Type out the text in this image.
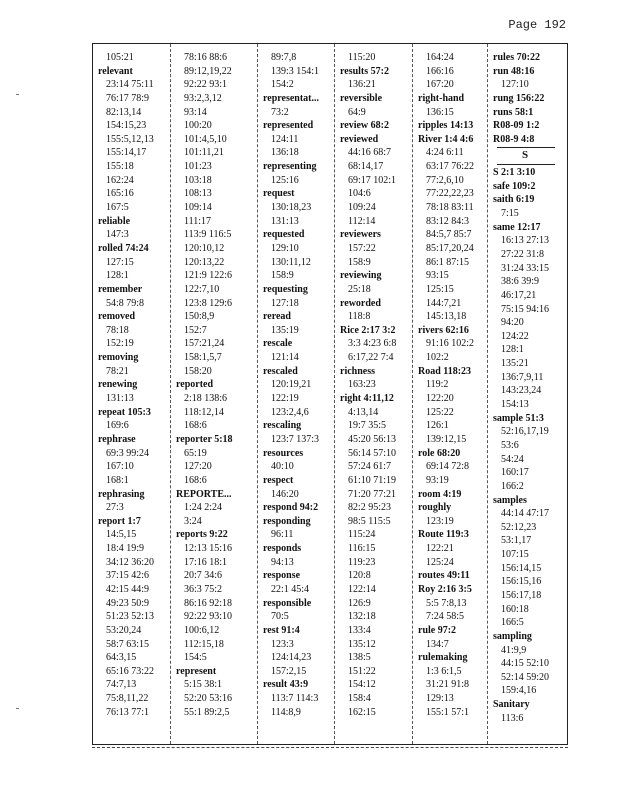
Page 192
105:21
relevant
23:14 75:11
76:17 78:9
82:13,14
154:15,23
155:5,12,13
155:14,17
155:18
162:24
165:16
167:5
reliable
147:3
rolled 74:24
127:15
128:1
remember
54:8 79:8
removed
78:18
152:19
removing
78:21
renewing
131:13
repeat 105:3
169:6
rephrase
69:3 99:24
167:10
168:1
rephrasing
27:3
report 1:7
14:5,15
18:4 19:9
34:12 36:20
37:15 42:6
42:15 44:9
49:23 50:9
51:23 52:13
53:20,24
58:7 63:15
64:3,15
65:16 73:22
74:7,13
75:8,11,22
76:13 77:1
78:16 88:6
89:12,19,22
92:22 93:1
93:2,3,12
93:14
100:20
101:4,5,10
101:11,21
101:23
103:18
108:13
109:14
111:17
113:9 116:5
120:10,12
120:13,22
121:9 122:6
122:7,10
123:8 129:6
150:8,9
152:7
157:21,24
158:1,5,7
158:20
reported
2:18 138:6
118:12,14
168:6
reporter 5:18
65:19
127:20
168:6
REPORTE...
1:24 2:24
3:24
reports 9:22
12:13 15:16
17:16 18:1
20:7 34:6
36:3 75:2
86:16 92:18
92:22 93:10
100:6,12
112:15,18
154:5
represent
5:15 38:1
52:20 53:16
55:1 89:2,5
89:7,8
139:3 154:1
154:2
representat...
73:2
represented
124:11
136:18
representing
125:16
request
130:18,23
131:13
requested
129:10
130:11,12
158:9
requesting
127:18
reread
135:19
rescale
121:14
rescaled
120:19,21
122:19
123:2,4,6
rescaling
123:7 137:3
resources
40:10
respect
146:20
respond 94:2
responding
96:11
responds
94:13
response
22:1 45:4
responsible
70:5
rest 91:4
123:3
124:14,23
157:2,15
result 43:9
113:7 114:3
114:8,9
115:20
results 57:2
136:21
reversible
64:9
review 68:2
reviewed
44:16 68:7
68:14,17
69:17 102:1
104:6
109:24
112:14
reviewers
157:22
158:9
reviewing
25:18
reworded
118:8
Rice 2:17 3:2
3:3 4:23 6:8
6:17,22 7:4
richness
163:23
right 4:11,12
4:13,14
19:7 35:5
45:20 56:13
56:14 57:10
57:24 61:7
61:10 71:19
71:20 77:21
82:2 95:23
98:5 115:5
115:24
116:15
119:23
120:8
122:14
126:9
132:18
133:4
135:12
138:5
151:22
154:12
158:4
162:15
164:24
166:16
167:20
right-hand
136:15
ripples 14:13
River 1:4 4:6
4:24 6:11
63:17 76:22
77:2,6,10
77:22,22,23
78:18 83:11
83:12 84:3
84:5,7 85:7
85:17,20,24
86:1 87:15
93:15
125:15
144:7,21
145:13,18
rivers 62:16
91:16 102:2
102:2
Road 118:23
119:2
122:20
125:22
126:1
139:12,15
role 68:20
69:14 72:8
93:19
room 4:19
roughly
123:19
Route 119:3
122:21
125:24
routes 49:11
Roy 2:16 3:5
5:5 7:8,13
7:24 58:5
rule 97:2
134:7
rulemaking
1:3 6:1,5
31:21 91:8
129:13
155:1 57:1
rules 70:22
run 48:16
127:10
rung 156:22
runs 58:1
R08-09 1:2
R08-9 4:8
S
S 2:1 3:10
safe 109:2
saith 6:19
7:15
same 12:17
16:13 27:13
27:22 31:8
31:24 33:15
38:6 39:9
46:17,21
75:15 94:16
94:20
124:22
128:1
135:21
136:7,9,11
143:23,24
154:13
sample 51:3
52:16,17,19
53:6
54:24
160:17
166:2
samples
44:14 47:17
52:12,23
53:1,17
107:15
156:14,15
156:15,16
156:17,18
160:18
166:5
sampling
41:9,9
44:15 52:10
52:14 59:20
159:4,16
Sanitary
113:6
